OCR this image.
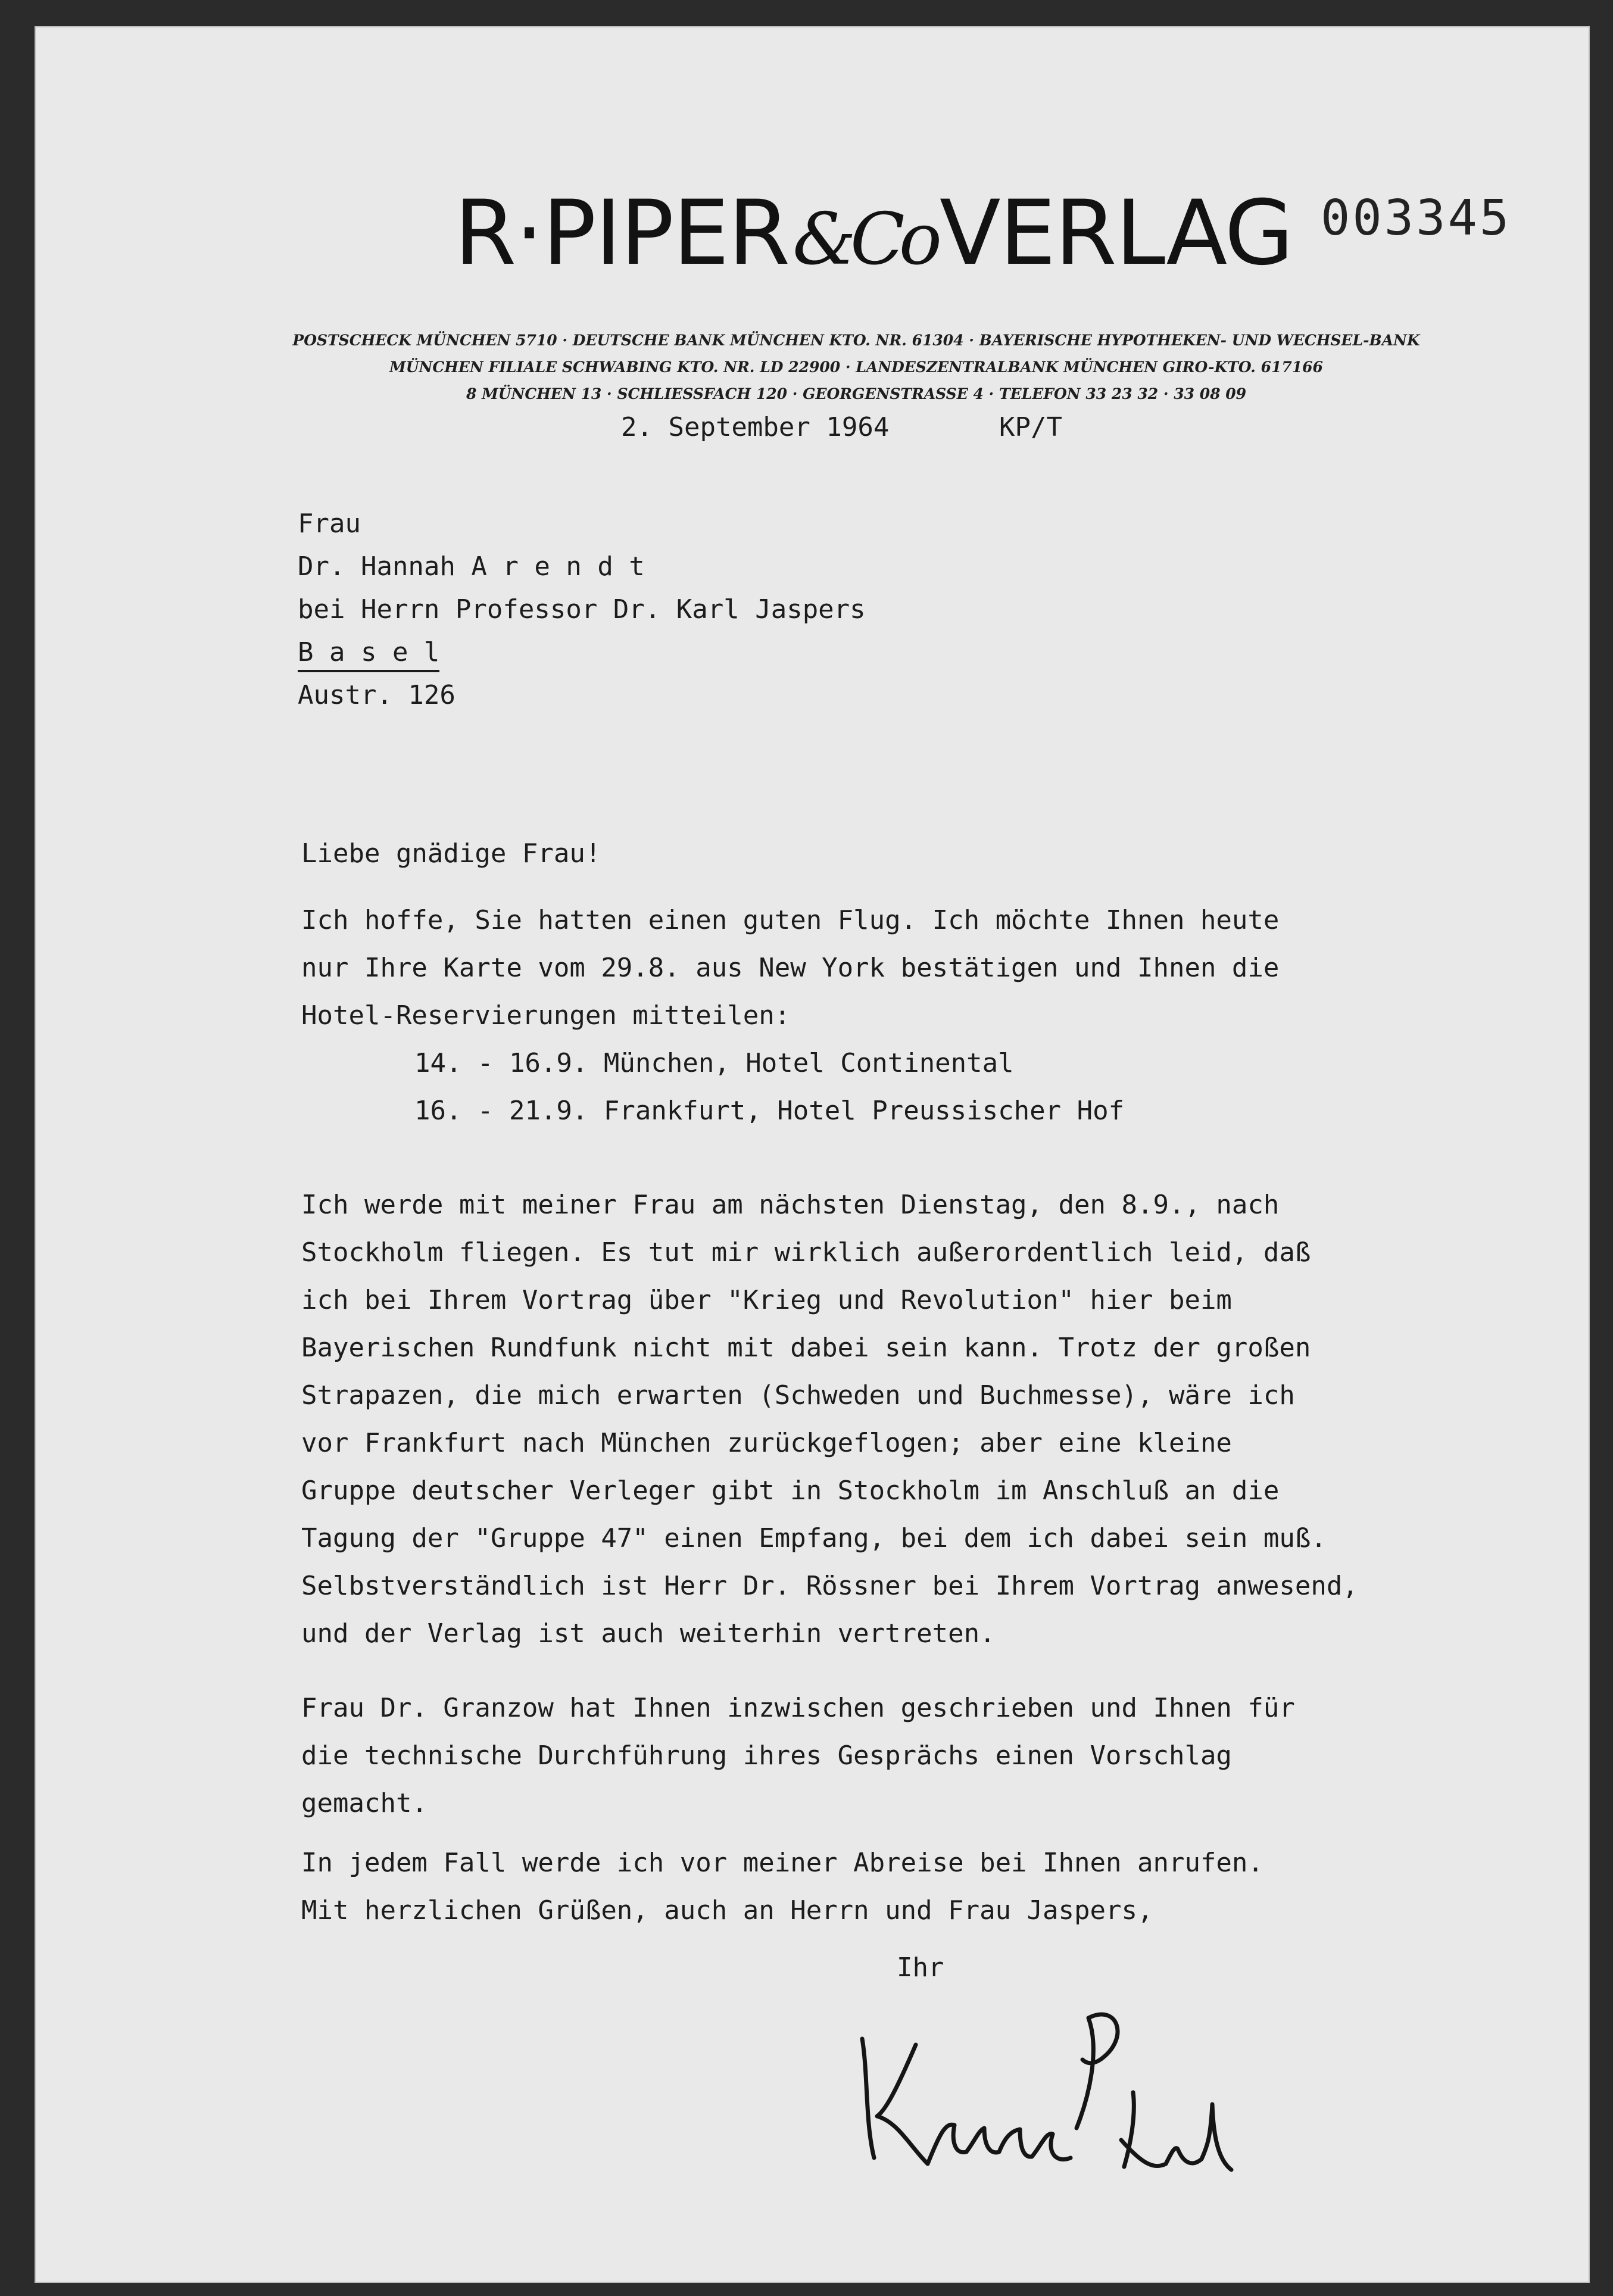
R·PIPER&CoVERLAG 003345
POSTSCHECK MÜNCHEN 5710 · DEUTSCHE BANK MÜNCHEN KTO. NR. 61304 · BAYERISCHE HYPOTHEKEN- UND WECHSEL-BANK
MÜNCHEN FILIALE SCHWABING KTO. NR. LD 22900 · LANDESZENTRALBANK MÜNCHEN GIRO-KTO. 617166
8 MÜNCHEN 13 · SCHLIESSFACH 120 · GEORGENSTRASSE 4 · TELEFON 33 23 32 · 33 08 09
2. September 1964	KP/T
Frau
Dr. Hannah A r e n d t
bei Herrn Professor Dr. Karl Jaspers
B a s e l
Austr. 126
Liebe gnädige Frau!
Ich hoffe, Sie hatten einen guten Flug. Ich möchte Ihnen heute
nur Ihre Karte vom 29.8. aus New York bestätigen und Ihnen die
Hotel-Reservierungen mitteilen:
14. - 16.9. München, Hotel Continental
16. - 21.9. Frankfurt, Hotel Preussischer Hof
Ich werde mit meiner Frau am nächsten Dienstag, den 8.9., nach
Stockholm fliegen. Es tut mir wirklich außerordentlich leid, daß
ich bei Ihrem Vortrag über "Krieg und Revolution" hier beim
Bayerischen Rundfunk nicht mit dabei sein kann. Trotz der großen
Strapazen, die mich erwarten (Schweden und Buchmesse), wäre ich
vor Frankfurt nach München zurückgeflogen; aber eine kleine
Gruppe deutscher Verleger gibt in Stockholm im Anschluß an die
Tagung der "Gruppe 47" einen Empfang, bei dem ich dabei sein muß.
Selbstverständlich ist Herr Dr. Rössner bei Ihrem Vortrag anwesend,
und der Verlag ist auch weiterhin vertreten.
Frau Dr. Granzow hat Ihnen inzwischen geschrieben und Ihnen für
die technische Durchführung ihres Gesprächs einen Vorschlag
gemacht.
In jedem Fall werde ich vor meiner Abreise bei Ihnen anrufen.
Mit herzlichen Grüßen, auch an Herrn und Frau Jaspers,
Ihr
